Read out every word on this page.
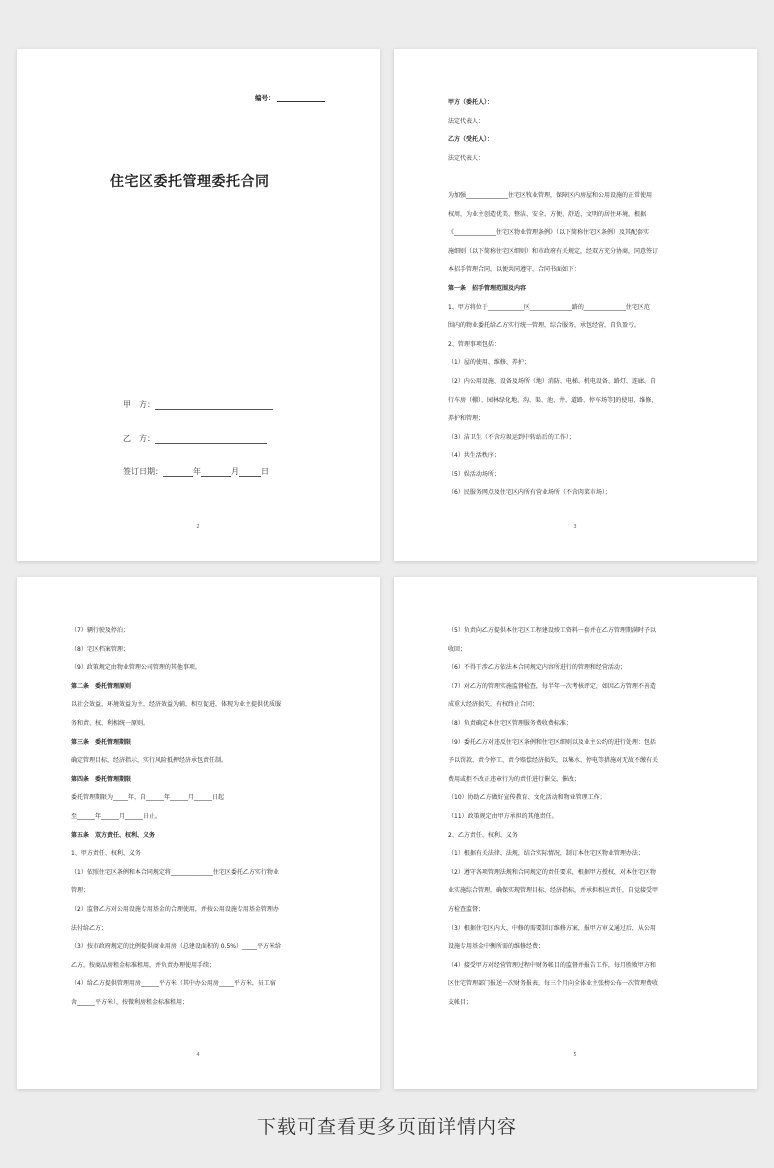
编号：
住宅区委托管理委托合同
甲　方：
乙　方：
签订日期：	年	月	日
2
甲方（委托人）：
法定代表人：
乙方（受托人）：
法定代表人：
为加强______________住宅区牧业管理，保障区内房屋和公用设施的正常使用
权周，为业主创造优美、整洁、安全、方便、舒适、文明的居住环境，根据
《______________住宅区物业管理条例》（以下简称住宅区条例）及其配套实
施细则（以下简称住宅区细则）和市政府有关规定，经双方充分协商，同意签订
本招手管理合同，以便共同遵守，合同书面如下：
第一条　招手管理范围及内容
1、甲方将位于____________区______________路的______________住宅区范
围内的物业委托给乙方实行统一管理，综合服务，承包经营，自负盈亏。
2、管理事项包括：
（1）屋的使用、维修、养护；
（2）内公用设施、设备及场所（地）消防、电梯、机电设备、路灯、连廊、自
行车房（棚）、园林绿化地、沟、渠、池、井、道路、停车场等]的使用、维修、
养护和管理；
（3）洁卫生（不含垃圾运到中转站后的工作）；
（4）共生活秩序；
（5）娱活动场所；
（6）民服务网点及住宅区内所有营业场所（不含肉菜市场）；
3
（7）辆行驶及停泊；
（8）宅区档案管理；
（9）政策规定由物业管理公司管理的其他事项。
第二条　委托管理原则
以社会效益、环境效益为主，经济效益为辅，相互促进，体现为业主提供优质服
务和责、权、利相统一原则。
第三条　委托管理期限
确定管理目标，经济指示，实行风险抵押经济承包责任制。
第四条　委托管理期限
委托管理期限为_____年，自______年______月______日起
至______年______月______日止。
第五条　双方责任、权利、义务
1、甲方责任、权利、义务
（1）依照住宅区条例和本合同规定将______________住宅区委托乙方实行物业
管理；
（2）监督乙方对公用设施专用基金的合理使用，并按公用设施专用基金管理办
法付给乙方；
（3）按市政府规定的比例提供商业用房（总建设面积的 0.5%）_____平方米给
乙方，按商品房租金标准租用，并负责办理使用手续；
（4）给乙方提供管理用房______平方米（其中办公用房_____平方米，员工宿
舍______平方米），按微利房租金标准租用；
4
（5）负责向乙方提供本住宅区工程建设竣工资料一套并在乙方管理期满时予以
收回；
（6）不得干涉乙方依法本合同规定内容所进行的管理和经营活动；
（7）对乙方的管理实施监督检查，每半年一次考核评定，如因乙方管理不善造
成重大经济损失，有权终止合同；
（8）负责确定本住宅区管理服务费收费标准；
（9）委托乙方对违反住宅区条例和住宅区细则以及业主公约的进行处理：包括
予以罚款、责令停工、责令赔偿经济损失，以集水、停电等措施对无故不缴有关
费用或拒不改正违章行为的责任进行催交、催改；
（10）协助乙方做好宣传教育、文化活动和物业管理工作；
（11）政策规定由甲方承担的其他责任。
2、乙方责任、权利、义务
（1）根据有关法律、法规，结合实际情况，制订本住宅区物业管理办法；
（2）遵守各项管理法规和合同规定的责任要求，根据甲方授权，对本住宅区物
业实施综合管理，确保实现管理目标、经济指标，并承担相应责任，自觉接受甲
方检查监督；
（3）根据住宅区内大、中修的需要制订维修方案，报甲方审义通过后，从公用
设施专用基金中衡所需的维修经费；
（4）接受甲方对经营管理过程中财务帐目的监督并报告工作，每月胜败甲方和
区住宅管理部门报送一次财务报表，每三个月向全体业主张榜公布一次管理费收
支帐目；
5
下载可查看更多页面详情内容
